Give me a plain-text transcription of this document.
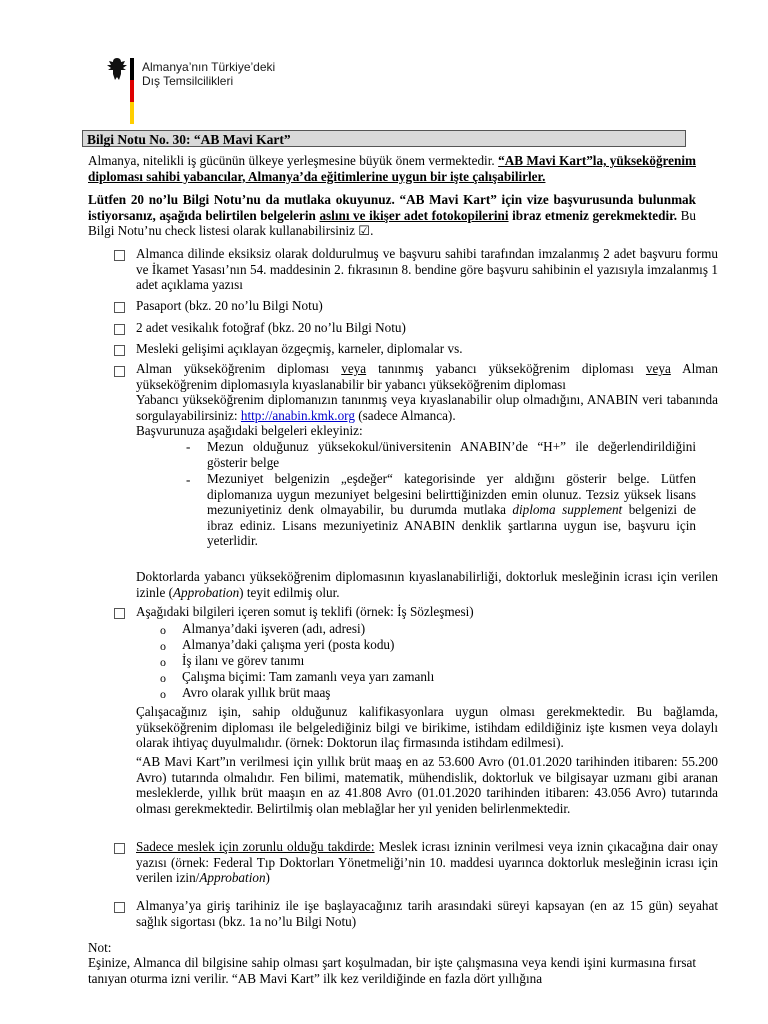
Almanya’nın Türkiye’deki
Dış Temsilcilikleri
Bilgi Notu No. 30: “AB Mavi Kart”
Almanya, nitelikli iş gücünün ülkeye yerleşmesine büyük önem vermektedir. “AB Mavi Kart”la, yükseköğrenim diploması sahibi yabancılar, Almanya’da eğitimlerine uygun bir işte çalışabilirler.
Lütfen 20 no’lu Bilgi Notu’nu da mutlaka okuyunuz. “AB Mavi Kart” için vize başvurusunda bulunmak istiyorsanız, aşağıda belirtilen belgelerin aslını ve ikişer adet fotokopilerini ibraz etmeniz gerekmektedir. Bu Bilgi Notu’nu check listesi olarak kullanabilirsiniz ☑.
Almanca dilinde eksiksiz olarak doldurulmuş ve başvuru sahibi tarafından imzalanmış 2 adet başvuru formu ve İkamet Yasası’nın 54. maddesinin 2. fıkrasının 8. bendine göre başvuru sahibinin el yazısıyla imzalanmış 1 adet açıklama yazısı
Pasaport (bkz. 20 no’lu Bilgi Notu)
2 adet vesikalık fotoğraf (bkz. 20 no’lu Bilgi Notu)
Mesleki gelişimi açıklayan özgeçmiş, karneler, diplomalar vs.
Alman yükseköğrenim diploması veya tanınmış yabancı yükseköğrenim diploması veya Alman yükseköğrenim diplomasıyla kıyaslanabilir bir yabancı yükseköğrenim diploması
Yabancı yükseköğrenim diplomanızın tanınmış veya kıyaslanabilir olup olmadığını, ANABIN veri tabanında sorgulayabilirsiniz: http://anabin.kmk.org (sadece Almanca).
Başvurunuza aşağıdaki belgeleri ekleyiniz:
- Mezun olduğunuz yüksekokul/üniversitenin ANABIN’de “H+” ile değerlendirildiğini gösterir belge
- Mezuniyet belgenizin „eşdeğer“ kategorisinde yer aldığını gösterir belge. Lütfen diplomanıza uygun mezuniyet belgesini belirttiğinizden emin olunuz. Tezsiz yüksek lisans mezuniyetiniz denk olmayabilir, bu durumda mutlaka diploma supplement belgenizi de ibraz ediniz. Lisans mezuniyetiniz ANABIN denklik şartlarına uygun ise, başvuru için yeterlidir.
Doktorlarda yabancı yükseköğrenim diplomasının kıyaslanabilirliği, doktorluk mesleğinin icrası için verilen izinle (Approbation) teyit edilmiş olur.
Aşağıdaki bilgileri içeren somut iş teklifi (örnek: İş Sözleşmesi)
o Almanya’daki işveren (adı, adresi)
o Almanya’daki çalışma yeri (posta kodu)
o İş ilanı ve görev tanımı
o Çalışma biçimi: Tam zamanlı veya yarı zamanlı
o Avro olarak yıllık brüt maaş
Çalışacağınız işin, sahip olduğunuz kalifikasyonlara uygun olması gerekmektedir. Bu bağlamda, yükseköğrenim diploması ile belgelediğiniz bilgi ve birikime, istihdam edildiğiniz işte kısmen veya dolaylı olarak ihtiyaç duyulmalıdır. (örnek: Doktorun ilaç firmasında istihdam edilmesi).
“AB Mavi Kart”ın verilmesi için yıllık brüt maaş en az 53.600 Avro (01.01.2020 tarihinden itibaren: 55.200 Avro) tutarında olmalıdır. Fen bilimi, matematik, mühendislik, doktorluk ve bilgisayar uzmanı gibi aranan mesleklerde, yıllık brüt maaşın en az 41.808 Avro (01.01.2020 tarihinden itibaren: 43.056 Avro) tutarında olması gerekmektedir. Belirtilmiş olan meblağlar her yıl yeniden belirlenmektedir.
Sadece meslek için zorunlu olduğu takdirde: Meslek icrası izninin verilmesi veya iznin çıkacağına dair onay yazısı (örnek: Federal Tıp Doktorları Yönetmeliği’nin 10. maddesi uyarınca doktorluk mesleğinin icrası için verilen izin/Approbation)
Almanya’ya giriş tarihiniz ile işe başlayacağınız tarih arasındaki süreyi kapsayan (en az 15 gün) seyahat sağlık sigortası (bkz. 1a no’lu Bilgi Notu)
Not:
Eşinize, Almanca dil bilgisine sahip olması şart koşulmadan, bir işte çalışmasına veya kendi işini kurmasına fırsat tanıyan oturma izni verilir. “AB Mavi Kart” ilk kez verildiğinde en fazla dört yıllığına
